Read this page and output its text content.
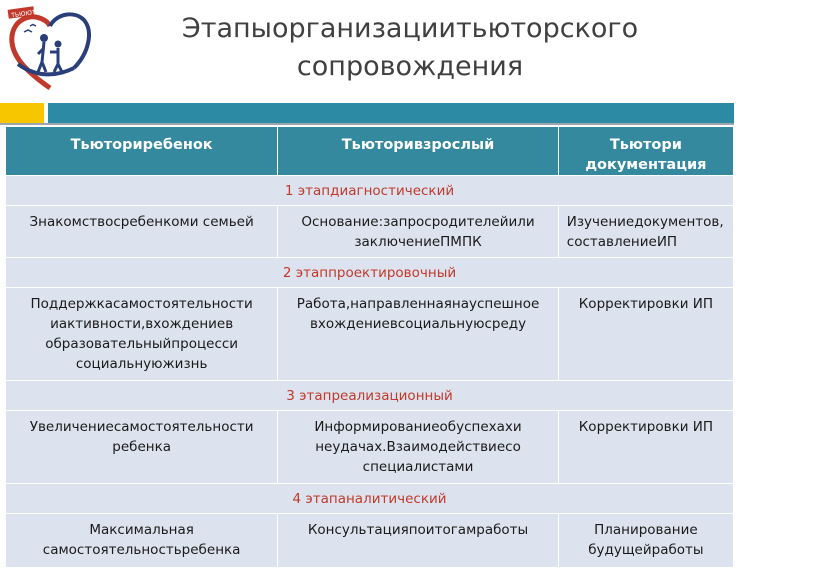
ТЬЮЮТ	Этапыорганизациитьюторского
сопровождения
Тьюториребенок	Тьюторивзрослый	Тьютори документация
1 этапдиагностический		
Знакомствосребенкоми семьей	Основание:запросродителейили заключениеПМПК	Изучениедокументов, составлениеИП
2 этаппроектировочный		
Поддержкасамостоятельности иактивности,вхождениев образовательныйпроцесси социальнуюжизнь	Работа,направленнаянауспешное вхождениевсоциальнуюсреду	Корректировки ИП
3 этапреализационный		
Увеличениесамостоятельности ребенка	Информированиеобуспехахи неудачах.Взаимодействиесо специалистами	Корректировки ИП
4 этапаналитический		
Максимальная самостоятельностьребенка	Консультацияпоитогамработы	Планирование будущейработы
